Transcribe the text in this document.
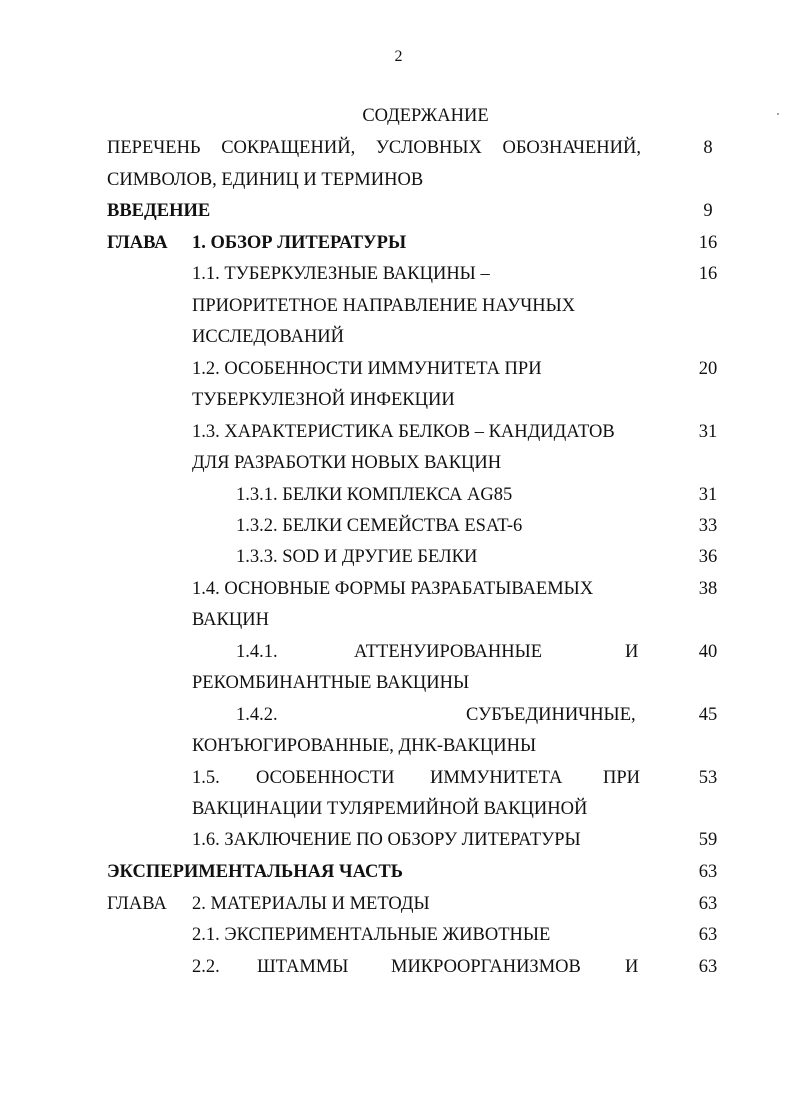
2
СОДЕРЖАНИЕ
ПЕРЕЧЕНЬ СОКРАЩЕНИЙ, УСЛОВНЫХ ОБОЗНАЧЕНИЙ,	8
СИМВОЛОВ, ЕДИНИЦ И ТЕРМИНОВ
ВВЕДЕНИЕ	9
ГЛАВА 1. ОБЗОР ЛИТЕРАТУРЫ	16
1.1. ТУБЕРКУЛЕЗНЫЕ ВАКЦИНЫ –	16
ПРИОРИТЕТНОЕ НАПРАВЛЕНИЕ НАУЧНЫХ
ИССЛЕДОВАНИЙ
1.2. ОСОБЕННОСТИ ИММУНИТЕТА ПРИ	20
ТУБЕРКУЛЕЗНОЙ ИНФЕКЦИИ
1.3. ХАРАКТЕРИСТИКА БЕЛКОВ – КАНДИДАТОВ	31
ДЛЯ РАЗРАБОТКИ НОВЫХ ВАКЦИН
1.3.1. БЕЛКИ КОМПЛЕКСА AG85	31
1.3.2. БЕЛКИ СЕМЕЙСТВА ESAT-6	33
1.3.3. SOD И ДРУГИЕ БЕЛКИ	36
1.4. ОСНОВНЫЕ ФОРМЫ РАЗРАБАТЫВАЕМЫХ	38
ВАКЦИН
1.4.1.	АТТЕНУИРОВАННЫЕ	И	40
РЕКОМБИНАНТНЫЕ ВАКЦИНЫ
1.4.2.	СУБЪЕДИНИЧНЫЕ,	45
КОНЪЮГИРОВАННЫЕ, ДНК-ВАКЦИНЫ
1.5. ОСОБЕННОСТИ ИММУНИТЕТА ПРИ	53
ВАКЦИНАЦИИ ТУЛЯРЕМИЙНОЙ ВАКЦИНОЙ
1.6. ЗАКЛЮЧЕНИЕ ПО ОБЗОРУ ЛИТЕРАТУРЫ	59
ЭКСПЕРИМЕНТАЛЬНАЯ ЧАСТЬ	63
ГЛАВА 2. МАТЕРИАЛЫ И МЕТОДЫ	63
2.1. ЭКСПЕРИМЕНТАЛЬНЫЕ ЖИВОТНЫЕ	63
2.2. ШТАММЫ МИКРООРГАНИЗМОВ И	63
